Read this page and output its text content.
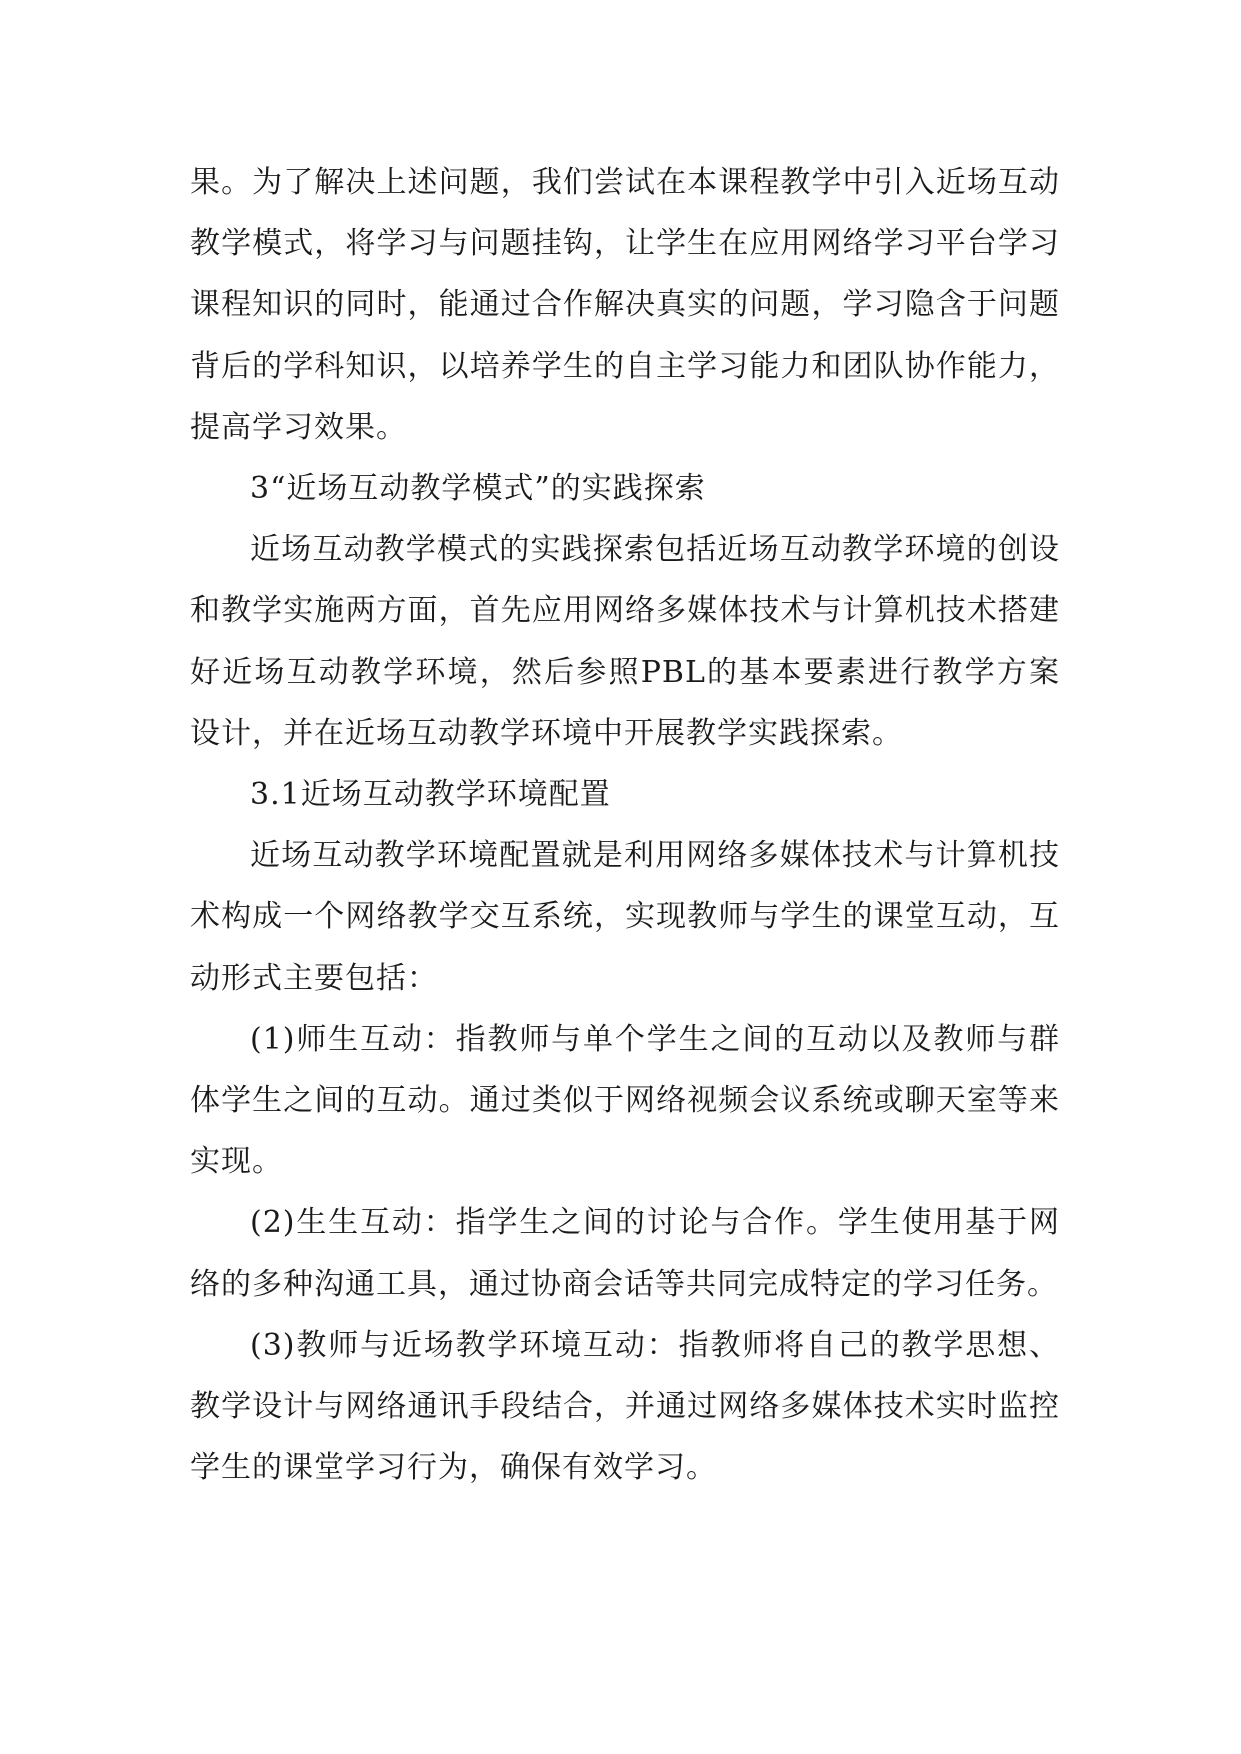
果。为了解决上述问题，我们尝试在本课程教学中引入近场互动教学模式，将学习与问题挂钩，让学生在应用网络学习平台学习课程知识的同时，能通过合作解决真实的问题，学习隐含于问题背后的学科知识，以培养学生的自主学习能力和团队协作能力，提高学习效果。

3“近场互动教学模式”的实践探索

近场互动教学模式的实践探索包括近场互动教学环境的创设和教学实施两方面，首先应用网络多媒体技术与计算机技术搭建好近场互动教学环境，然后参照PBL的基本要素进行教学方案设计，并在近场互动教学环境中开展教学实践探索。

3.1近场互动教学环境配置

近场互动教学环境配置就是利用网络多媒体技术与计算机技术构成一个网络教学交互系统，实现教师与学生的课堂互动，互动形式主要包括：

(1)师生互动：指教师与单个学生之间的互动以及教师与群体学生之间的互动。通过类似于网络视频会议系统或聊天室等来实现。

(2)生生互动：指学生之间的讨论与合作。学生使用基于网络的多种沟通工具，通过协商会话等共同完成特定的学习任务。

(3)教师与近场教学环境互动：指教师将自己的教学思想、教学设计与网络通讯手段结合，并通过网络多媒体技术实时监控学生的课堂学习行为，确保有效学习。
